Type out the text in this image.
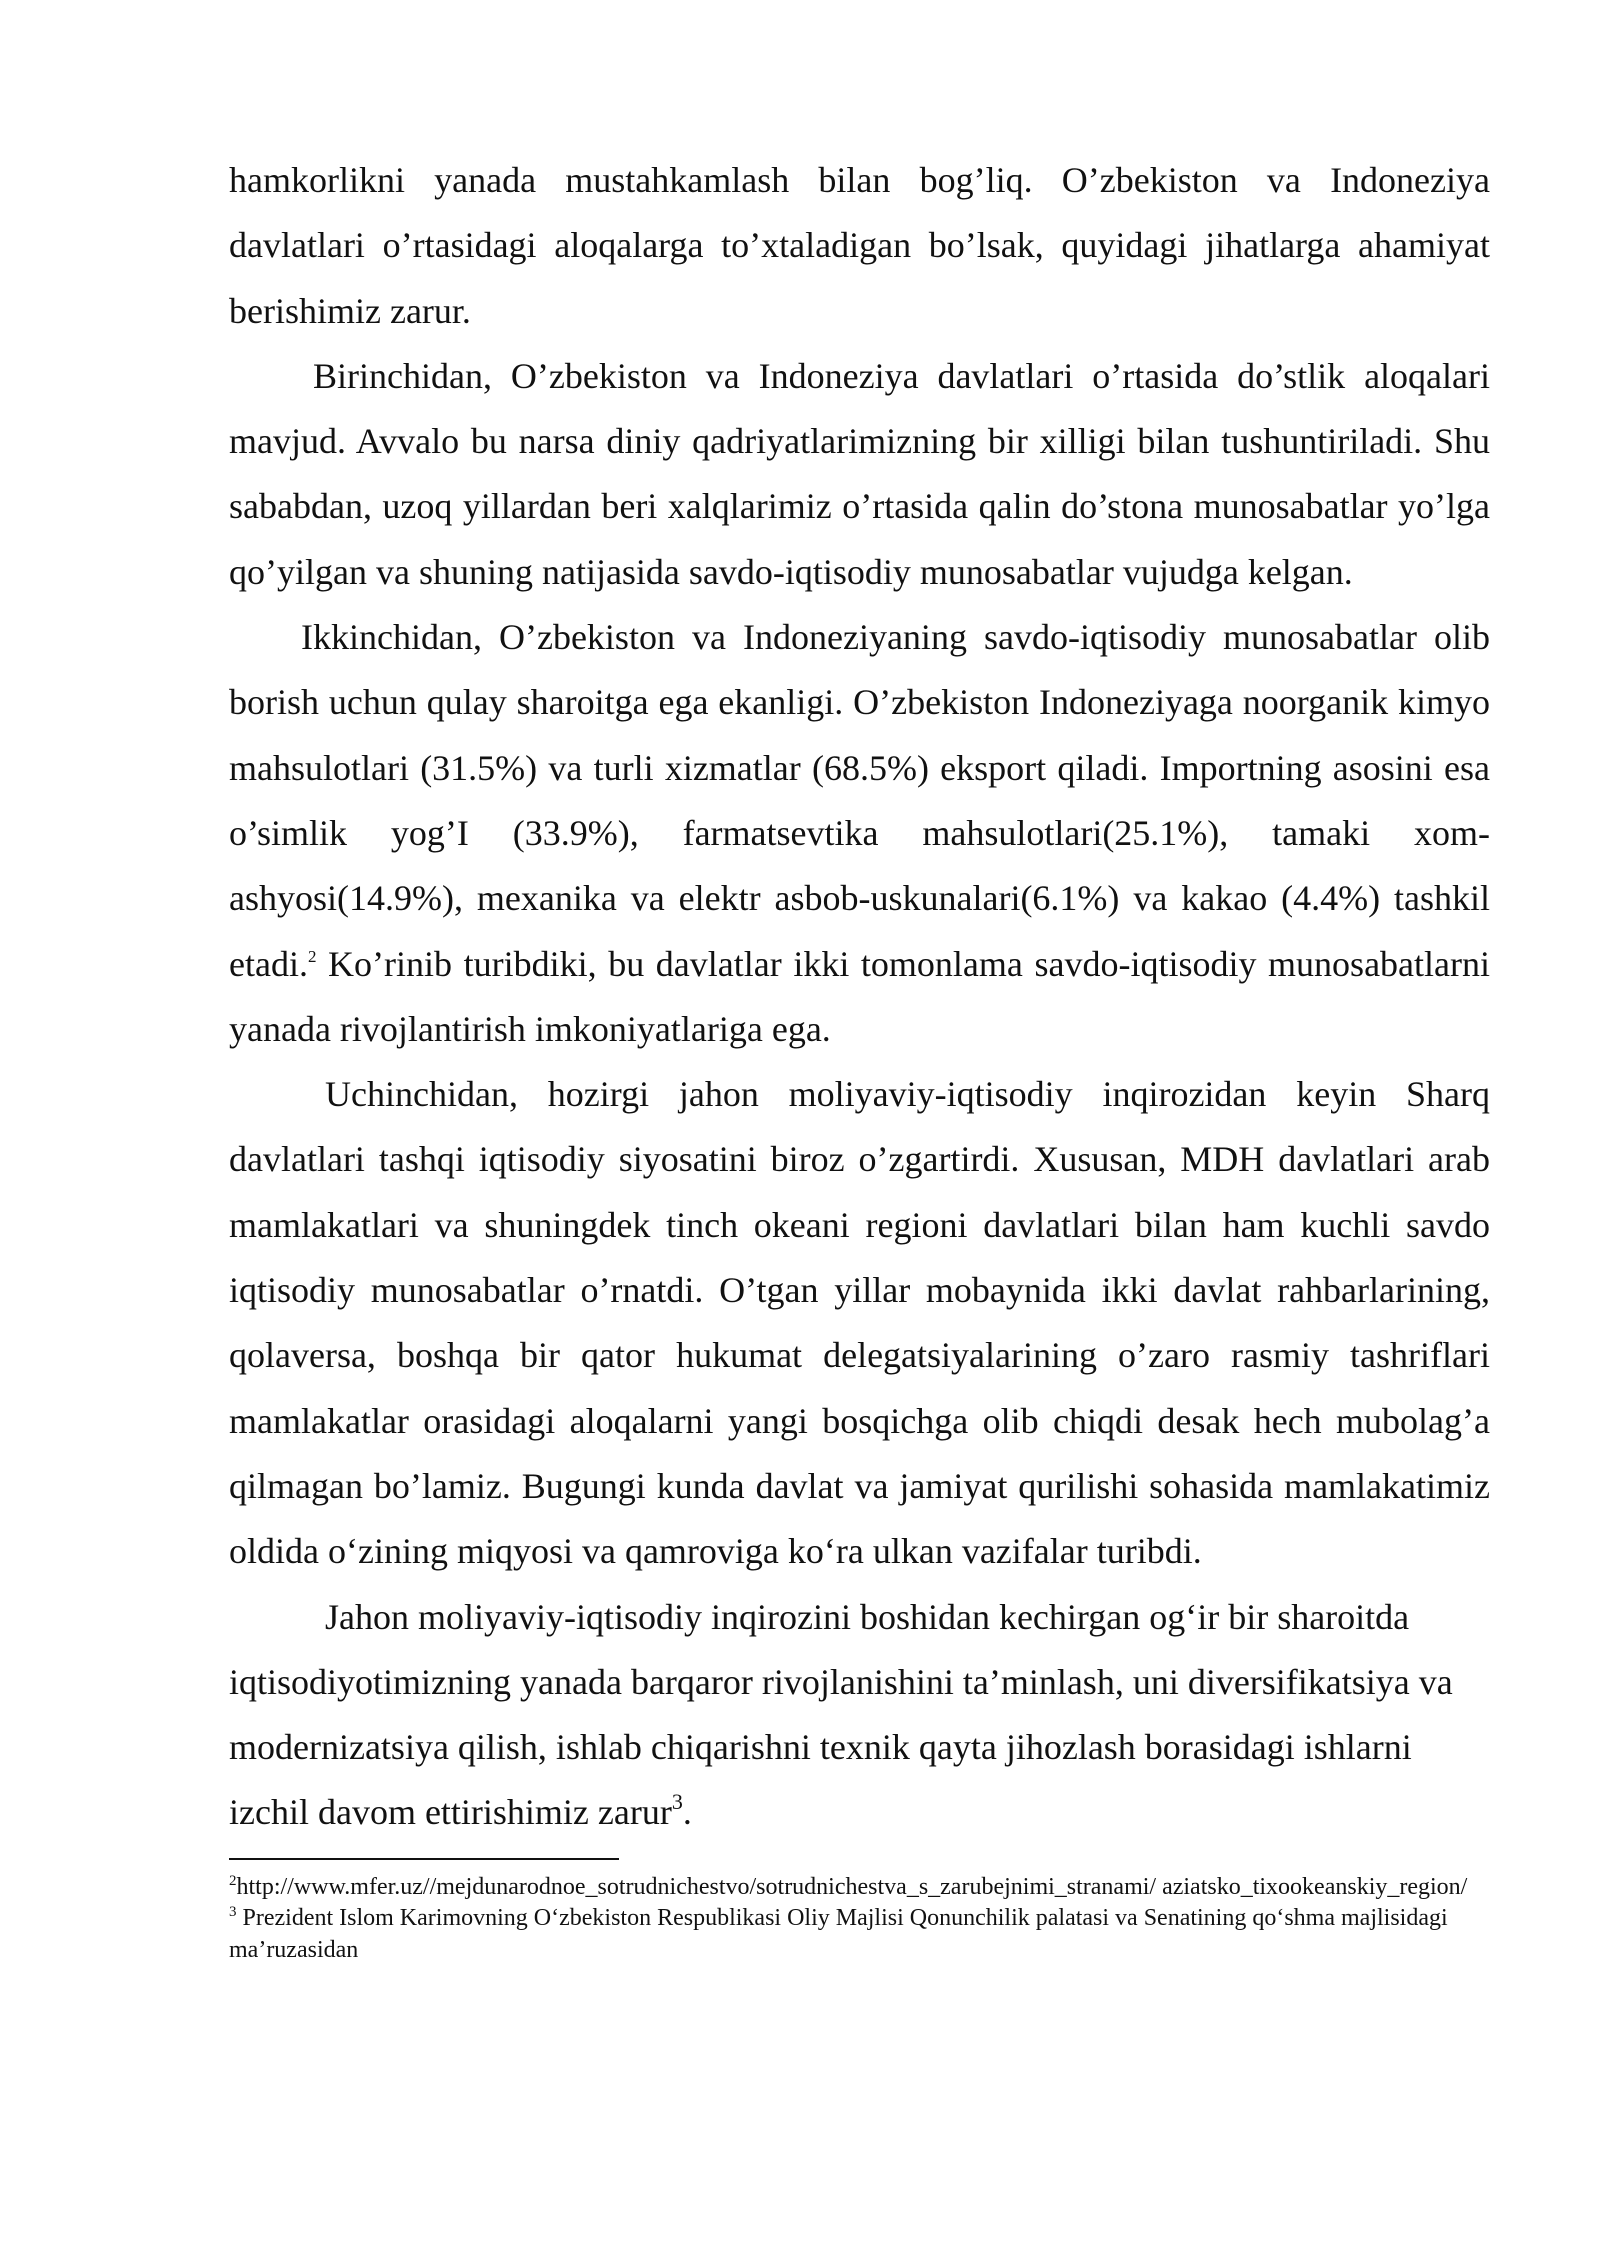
hamkorlikni yanada mustahkamlash bilan bog’liq. O’zbekiston va Indoneziya davlatlari o’rtasidagi aloqalarga to’xtaladigan bo’lsak, quyidagi jihatlarga ahamiyat berishimiz zarur.

Birinchidan, O’zbekiston va Indoneziya davlatlari o’rtasida do’stlik aloqalari mavjud. Avvalo bu narsa diniy qadriyatlarimizning bir xilligi bilan tushuntiriladi. Shu sababdan, uzoq yillardan beri xalqlarimiz o’rtasida qalin do’stona munosabatlar yo’lga qo’yilgan va shuning natijasida savdo-iqtisodiy munosabatlar vujudga kelgan.

Ikkinchidan, O’zbekiston va Indoneziyaning savdo-iqtisodiy munosabatlar olib borish uchun qulay sharoitga ega ekanligi. O’zbekiston Indoneziyaga noorganik kimyo mahsulotlari (31.5%) va turli xizmatlar (68.5%) eksport qiladi. Importning asosini esa o’simlik yog’I (33.9%), farmatsevtika mahsulotlari(25.1%), tamaki xom-ashyosi(14.9%), mexanika va elektr asbob-uskunalari(6.1%) va kakao (4.4%) tashkil etadi.$^2$ Ko’rinib turibdiki, bu davlatlar ikki tomonlama savdo-iqtisodiy munosabatlarni yanada rivojlantirish imkoniyatlariga ega.

Uchinchidan, hozirgi jahon moliyaviy-iqtisodiy inqirozidan keyin Sharq davlatlari tashqi iqtisodiy siyosatini biroz o’zgartirdi. Xususan, MDH davlatlari arab mamlakatlari va shuningdek tinch okeani regioni davlatlari bilan ham kuchli savdo iqtisodiy munosabatlar o’rnatdi. O’tgan yillar mobaynida ikki davlat rahbarlarining, qolaversa, boshqa bir qator hukumat delegatsiyalarining o’zaro rasmiy tashriflari mamlakatlar orasidagi aloqalarni yangi bosqichga olib chiqdi desak hech mubolag’a qilmagan bo’lamiz. Bugungi kunda davlat va jamiyat qurilishi sohasida mamlakatimiz oldida o‘zining miqyosi va qamroviga ko‘ra ulkan vazifalar turibdi.

Jahon moliyaviy-iqtisodiy inqirozini boshidan kechirgan og‘ir bir sharoitda iqtisodiyotimizning yanada barqaror rivojlanishini ta’minlash, uni diversifikatsiya va modernizatsiya qilish, ishlab chiqarishni texnik qayta jihozlash borasidagi ishlarni izchil davom ettirishimiz zarur$^3$.

$^2$http://www.mfer.uz//mejdunarodnoe_sotrudnichestvo/sotrudnichestva_s_zarubejnimi_stranami/ aziatsko_tixookeanskiy_region/

$^3$ Prezident Islom Karimovning O‘zbekiston Respublikasi Oliy Majlisi Qonunchilik palatasi va Senatining qo‘shma majlisidagi ma’ruzasidan
